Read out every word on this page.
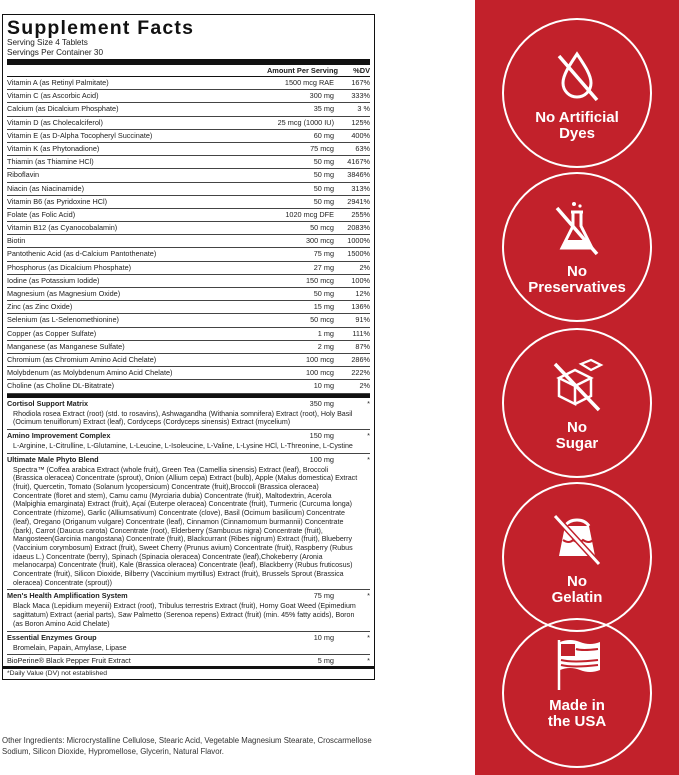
Supplement Facts
Serving Size 4 Tablets
Servings Per Container 30
Amount Per Serving	%DV
Vitamin A (as Retinyl Palmitate)	1500 mcg RAE	167%
Vitamin C (as Ascorbic Acid)	300 mg	333%
Calcium (as Dicalcium Phosphate)	35 mg	3 %
Vitamin D (as Cholecalciferol)	25 mcg (1000 IU)	125%
Vitamin E (as D-Alpha Tocopheryl Succinate)	60 mg	400%
Vitamin K (as Phytonadione)	75 mcg	63%
Thiamin (as Thiamine HCl)	50 mg	4167%
Riboflavin	50 mg	3846%
Niacin (as Niacinamide)	50 mg	313%
Vitamin B6 (as Pyridoxine HCl)	50 mg	2941%
Folate (as Folic Acid)	1020 mcg DFE	255%
Vitamin B12 (as Cyanocobalamin)	50 mcg	2083%
Biotin	300 mcg	1000%
Pantothenic Acid (as d-Calcium Pantothenate)	75 mg	1500%
Phosphorus (as Dicalcium Phosphate)	27 mg	2%
Iodine (as Potassium Iodide)	150 mcg	100%
Magnesium (as Magnesium Oxide)	50 mg	12%
Zinc (as Zinc Oxide)	15 mg	136%
Selenium (as L-Selenomethionine)	50 mcg	91%
Copper (as Copper Sulfate)	1 mg	111%
Manganese (as Manganese Sulfate)	2 mg	87%
Chromium (as Chromium Amino Acid Chelate)	100 mcg	286%
Molybdenum (as Molybdenum Amino Acid Chelate)	100 mcg	222%
Choline (as Choline DL-Bitatrate)	10 mg	2%
Cortisol Support Matrix	350 mg	*
Rhodiola rosea Extract (root) (std. to rosavins), Ashwagandha (Withania somnifera) Extract (root), Holy Basil (Ocimum tenuiflorum) Extract (leaf), Cordyceps (Cordyceps sinensis) Extract (mycelium)
Amino Improvement Complex	150 mg	*
L-Arginine, L-Citrulline, L-Glutamine, L-Leucine, L-Isoleucine, L-Valine, L-Lysine HCl, L-Threonine, L-Cystine
Ultimate Male Phyto Blend	100 mg	*
Spectra™ (Coffea arabica Extract (whole fruit), Green Tea (Camellia sinensis) Extract (leaf), Broccoli (Brassica oleracea) Concentrate (sprout), Onion (Allium cepa) Extract (bulb), Apple (Malus domestica) Extract (fruit), Quercetin, Tomato (Solanum lycopersicum) Concentrate (fruit),Broccoli (Brassica oleracea) Concentrate (floret and stem), Camu camu (Myrciaria dubia) Concentrate (fruit), Maltodextrin, Acerola (Malpighia emarginata) Extract (fruit), Açaí (Euterpe oleracea) Concentrate (fruit), Turmeric (Curcuma longa) Concentrate (rhizome), Garlic (Alliumsativum) Concentrate (clove), Basil (Ocimum basilicum) Concentrate (leaf), Oregano (Origanum vulgare) Concentrate (leaf), Cinnamon (Cinnamomum burmannii) Concentrate (bark), Carrot (Daucus carota) Concentrate (root), Elderberry (Sambucus nigra) Concentrate (fruit), Mangosteen(Garcinia mangostana) Concentrate (fruit), Blackcurrant (Ribes nigrum) Extract (fruit), Blueberry (Vaccinium corymbosum) Extract (fruit), Sweet Cherry (Prunus avium) Concentrate (fruit), Raspberry (Rubus idaeus L.) Concentrate (berry), Spinach (Spinacia oleracea) Concentrate (leaf),Chokeberry (Aronia melanocarpa) Concentrate (fruit), Kale (Brassica oleracea) Concentrate (leaf), Blackberry (Rubus fruticosus) Concentrate (fruit), Silicon Dioxide, Bilberry (Vaccinium myrtillus) Extract (fruit), Brussels Sprout (Brassica oleracea) Concentrate (sprout))
Men's Health Amplification System	75 mg	*
Black Maca (Lepidium meyenii) Extract (root), Tribulus terrestris Extract (fruit), Horny Goat Weed (Epimedium sagittatum) Extract (aerial parts), Saw Palmetto (Serenoa repens) Extract (fruit) (min. 45% fatty acids), Boron (as Boron Amino Acid Chelate)
Essential Enzymes Group	10 mg	*
Bromelain, Papain, Amylase, Lipase
BioPerine® Black Pepper Fruit Extract	5 mg	*
*Daily Value (DV) not established
Other Ingredients: Microcrystalline Cellulose, Stearic Acid, Vegetable Magnesium Stearate, Croscarmellose Sodium, Silicon Dioxide, Hypromellose, Glycerin, Natural Flavor.
No Artificial
Dyes
No
Preservatives
No
Sugar
No
Gelatin
Made in
the USA
